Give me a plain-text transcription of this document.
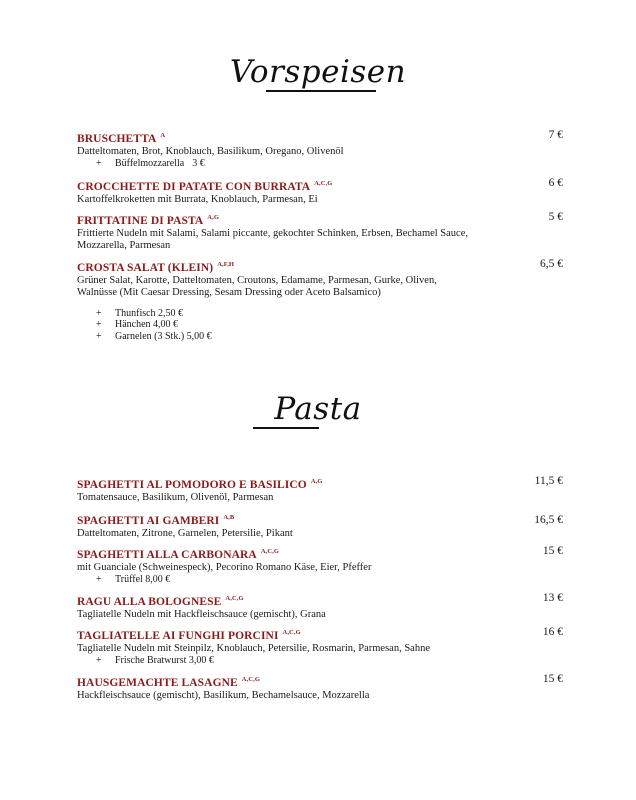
Vorspeisen
BRUSCHETTA $^A$	7 €
Datteltomaten, Brot, Knoblauch, Basilikum, Oregano, Olivenöl
+ Büffelmozzarella 3 €
CROCCHETTE DI PATATE CON BURRATA $^{A,C,G}$	6 €
Kartoffelkroketten mit Burrata, Knoblauch, Parmesan, Ei
FRITTATINE DI PASTA $^{A,G}$	5 €
Frittierte Nudeln mit Salami, Salami piccante, gekochter Schinken, Erbsen, Bechamel Sauce, Mozzarella, Parmesan
CROSTA SALAT (KLEIN) $^{A,F,H}$	6,5 €
Grüner Salat, Karotte, Datteltomaten, Croutons, Edamame, Parmesan, Gurke, Oliven, Walnüsse (Mit Caesar Dressing, Sesam Dressing oder Aceto Balsamico)
+ Thunfisch 2,50 €
+ Hänchen 4,00 €
+ Garnelen (3 Stk.) 5,00 €
Pasta
SPAGHETTI AL POMODORO E BASILICO $^{A,G}$	11,5 €
Tomatensauce, Basilikum, Olivenöl, Parmesan
SPAGHETTI AI GAMBERI $^{A,B}$	16,5 €
Datteltomaten, Zitrone, Garnelen, Petersilie, Pikant
SPAGHETTI ALLA CARBONARA $^{A,C,G}$	15 €
mit Guanciale (Schweinespeck), Pecorino Romano Käse, Eier, Pfeffer
+ Trüffel 8,00 €
RAGU ALLA BOLOGNESE $^{A,C,G}$	13 €
Tagliatelle Nudeln mit Hackfleischsauce (gemischt), Grana
TAGLIATELLE AI FUNGHI PORCINI $^{A,C,G}$	16 €
Tagliatelle Nudeln mit Steinpilz, Knoblauch, Petersilie, Rosmarin, Parmesan, Sahne
+ Frische Bratwurst 3,00 €
HAUSGEMACHTE LASAGNE $^{A,C,G}$	15 €
Hackfleischsauce (gemischt), Basilikum, Bechamelsauce, Mozzarella
